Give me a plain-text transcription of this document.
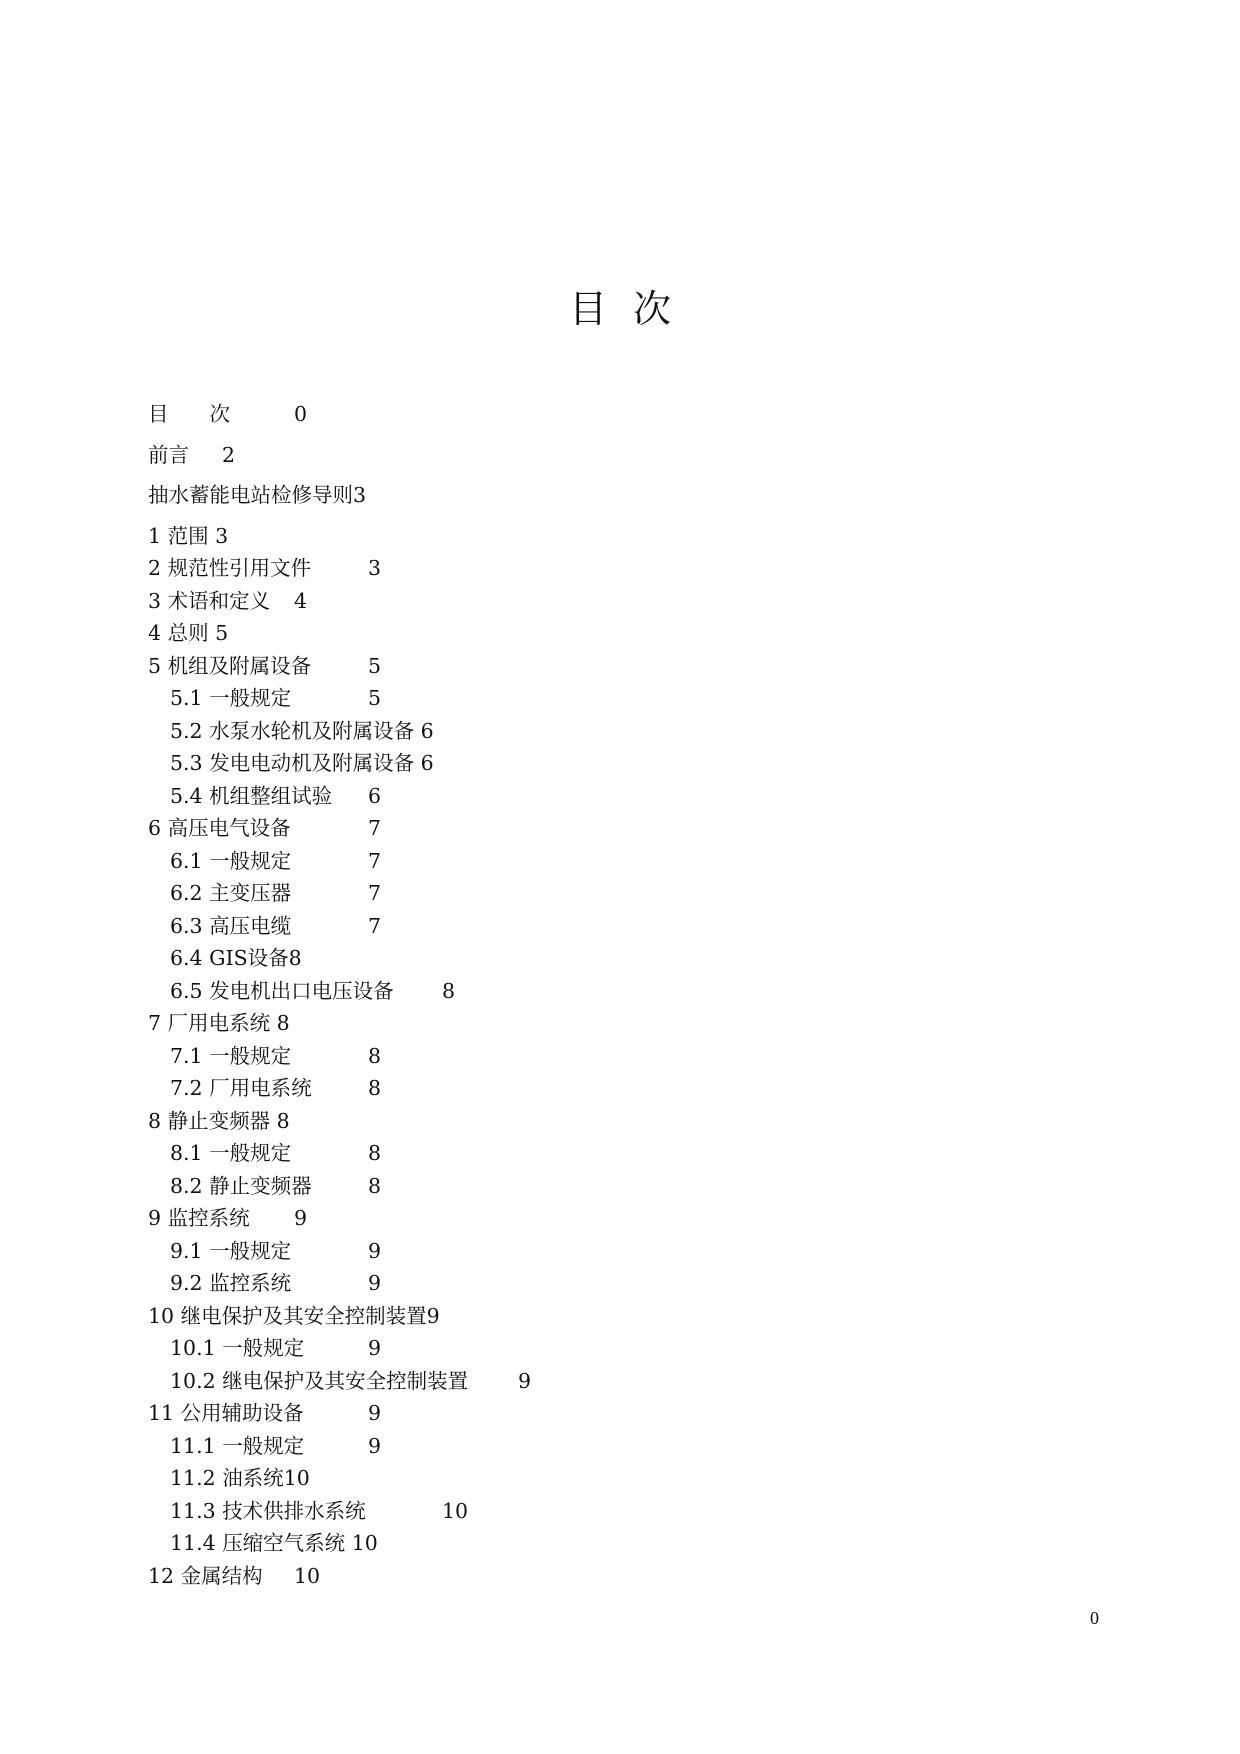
目 次
目　　次	0
前言 2
抽水蓄能电站检修导则3
1 范围 3
2 规范性引用文件	3
3 术语和定义 4
4 总则 5
5 机组及附属设备	5
5.1 一般规定	5
5.2 水泵水轮机及附属设备 6
5.3 发电电动机及附属设备 6
5.4 机组整组试验 6
6 高压电气设备	7
6.1 一般规定	7
6.2 主变压器	7
6.3 高压电缆	7
6.4 GIS设备8
6.5 发电机出口电压设备 8
7 厂用电系统 8
7.1 一般规定	8
7.2 厂用电系统	8
8 静止变频器 8
8.1 一般规定	8
8.2 静止变频器	8
9 监控系统 9
9.1 一般规定	9
9.2 监控系统	9
10 继电保护及其安全控制装置9
10.1 一般规定	9
10.2 继电保护及其安全控制装置 9
11 公用辅助设备	9
11.1 一般规定	9
11.2 油系统10
11.3 技术供排水系统	10
11.4 压缩空气系统 10
12 金属结构 10
0
